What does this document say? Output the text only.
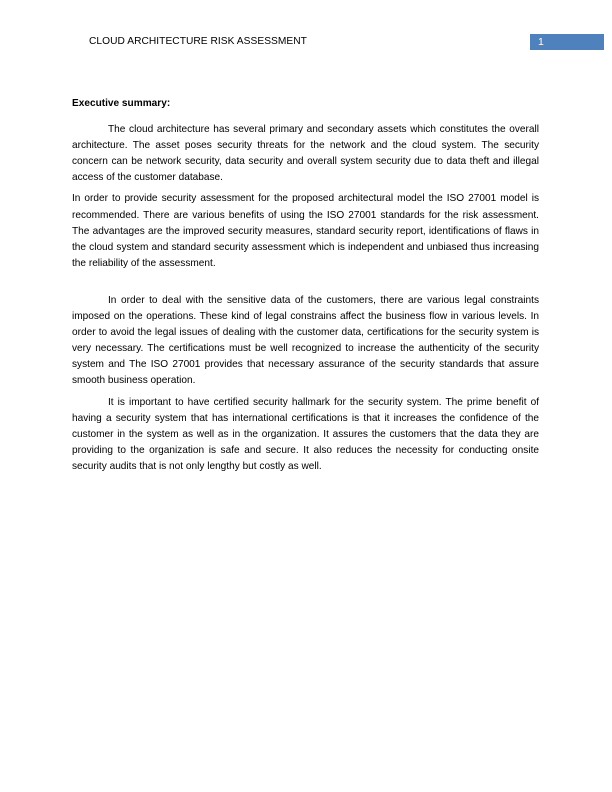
CLOUD ARCHITECTURE RISK ASSESSMENT	1

Executive summary:

The cloud architecture has several primary and secondary assets which constitutes the overall architecture. The asset poses security threats for the network and the cloud system. The security concern can be network security, data security and overall system security due to data theft and illegal access of the customer database.

In order to provide security assessment for the proposed architectural model the ISO 27001 model is recommended. There are various benefits of using the ISO 27001 standards for the risk assessment. The advantages are the improved security measures, standard security report, identifications of flaws in the cloud system and standard security assessment which is independent and unbiased thus increasing the reliability of the assessment.

In order to deal with the sensitive data of the customers, there are various legal constraints imposed on the operations. These kind of legal constrains affect the business flow in various levels. In order to avoid the legal issues of dealing with the customer data, certifications for the security system is very necessary. The certifications must be well recognized to increase the authenticity of the security system and The ISO 27001 provides that necessary assurance of the security standards that assure smooth business operation.

It is important to have certified security hallmark for the security system. The prime benefit of having a security system that has international certifications is that it increases the confidence of the customer in the system as well as in the organization. It assures the customers that the data they are providing to the organization is safe and secure. It also reduces the necessity for conducting onsite security audits that is not only lengthy but costly as well.
